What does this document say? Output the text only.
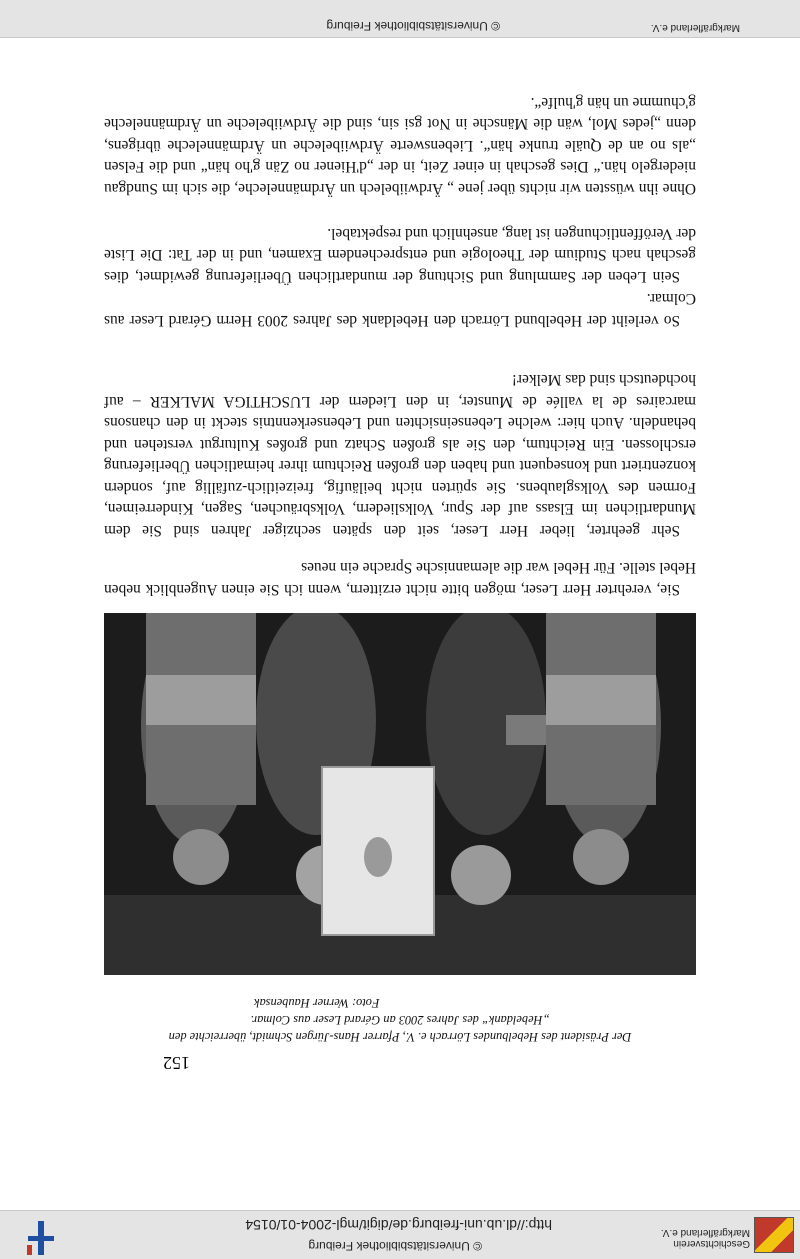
Geschichtsverein
Markgräflerland e.V.
http://dl.ub.uni-freiburg.de/digit/mgl-2004-01/0154
© Universitätsbibliothek Freiburg
152

Der Präsident des Hebelbundes Lörrach e. V., Pfarrer Hans-Jürgen Schmidt, überreichte den

„Hebeldank“ des Jahres 2003 an Gérard Leser aus Colmar.

Foto: Werner Haubensak

Sie, verehrter Herr Leser, mögen bitte nicht erzittern, wenn ich Sie einen Augenblick neben Hebel stelle. Für Hebel war die alemannische Sprache ein neues

Sehr geehrter, lieber Herr Leser, seit den späten sechziger Jahren sind Sie dem Mundartlichen im Elsass auf der Spur, Volksliedern, Volksbräuchen, Sagen, Kinderreimen, Formen des Volksglaubens. Sie spürten nicht beiläufig, freizeitlich-zufällig auf, sondern konzentriert und konsequent und haben den großen Reichtum ihrer heimatlichen Überlieferung erschlossen. Ein Reichtum, den Sie als großen Schatz und großes Kulturgut verstehen und behandeln. Auch hier: welche Lebenseinsichten und Lebenserkenntnis steckt in den chansons marcaires de la vallée de Munster, in den Liedern der LUSCHTIGA MALKER – auf hochdeutsch sind das Melker!

So verleiht der Hebelbund Lörrach den Hebeldank des Jahres 2003 Herrn Gérard Leser aus Colmar.

Sein Leben der Sammlung und Sichtung der mundartlichen Überlieferung gewidmet, dies geschah nach Studium der Theologie und entsprechendem Examen, und in der Tat: Die Liste der Veröffentlichungen ist lang, ansehnlich und respektabel.

Ohne ihn wüssten wir nichts über jene „ Ärdwiibelech un Ärdmänneleche, die sich im Sundgau niedergelo hän.“ Dies geschah in einer Zeit, in der „d'Hiener no Zän g'ho hän“ und die Felsen „als no an de Quäle trunke hän“. Liebenswerte Ärdwiibeleche un Ärdmänneleche übrigens, denn „jedes Mol, wän die Mänsche in Not gsi sin, sind die Ärdwiibeleche un Ärdmänneleche g'chumme un hän g'hulfe“.

© Universitätsbibliothek Freiburg	Markgräflerland e.V.
